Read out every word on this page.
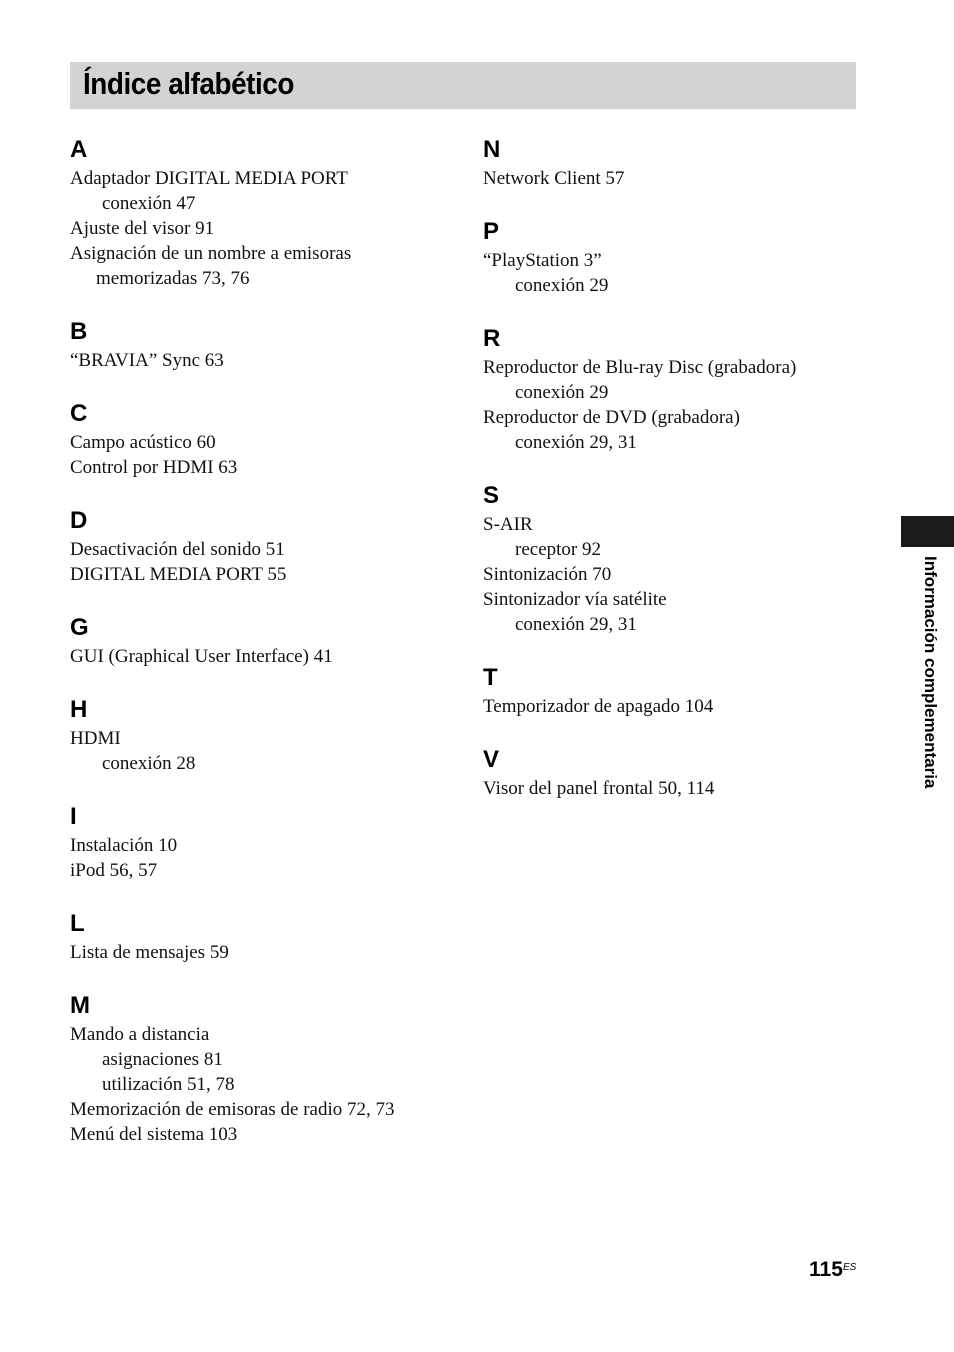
Índice alfabético
A
Adaptador DIGITAL MEDIA PORT
conexión 47
Ajuste del visor 91
Asignación de un nombre a emisoras
memorizadas 73, 76
B
“BRAVIA” Sync 63
C
Campo acústico 60
Control por HDMI 63
D
Desactivación del sonido 51
DIGITAL MEDIA PORT 55
G
GUI (Graphical User Interface) 41
H
HDMI
conexión 28
I
Instalación 10
iPod 56, 57
L
Lista de mensajes 59
M
Mando a distancia
asignaciones 81
utilización 51, 78
Memorización de emisoras de radio 72, 73
Menú del sistema 103
N
Network Client 57
P
“PlayStation 3”
conexión 29
R
Reproductor de Blu-ray Disc (grabadora)
conexión 29
Reproductor de DVD (grabadora)
conexión 29, 31
S
S-AIR
receptor 92
Sintonización 70
Sintonizador vía satélite
conexión 29, 31
T
Temporizador de apagado 104
V
Visor del panel frontal 50, 114
Información complementaria
115 ES
